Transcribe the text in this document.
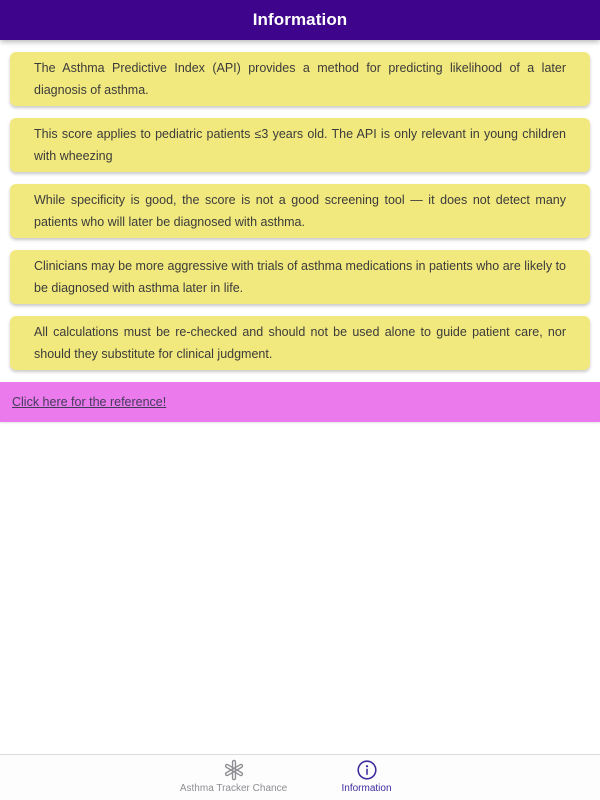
Information

The Asthma Predictive Index (API) provides a method for predicting likelihood of a later diagnosis of asthma.

This score applies to pediatric patients ≤3 years old. The API is only relevant in young children with wheezing

While specificity is good, the score is not a good screening tool — it does not detect many patients who will later be diagnosed with asthma.

Clinicians may be more aggressive with trials of asthma medications in patients who are likely to be diagnosed with asthma later in life.

All calculations must be re-checked and should not be used alone to guide patient care, nor should they substitute for clinical judgment.

Click here for the reference!
Asthma Tracker Chance	Information
